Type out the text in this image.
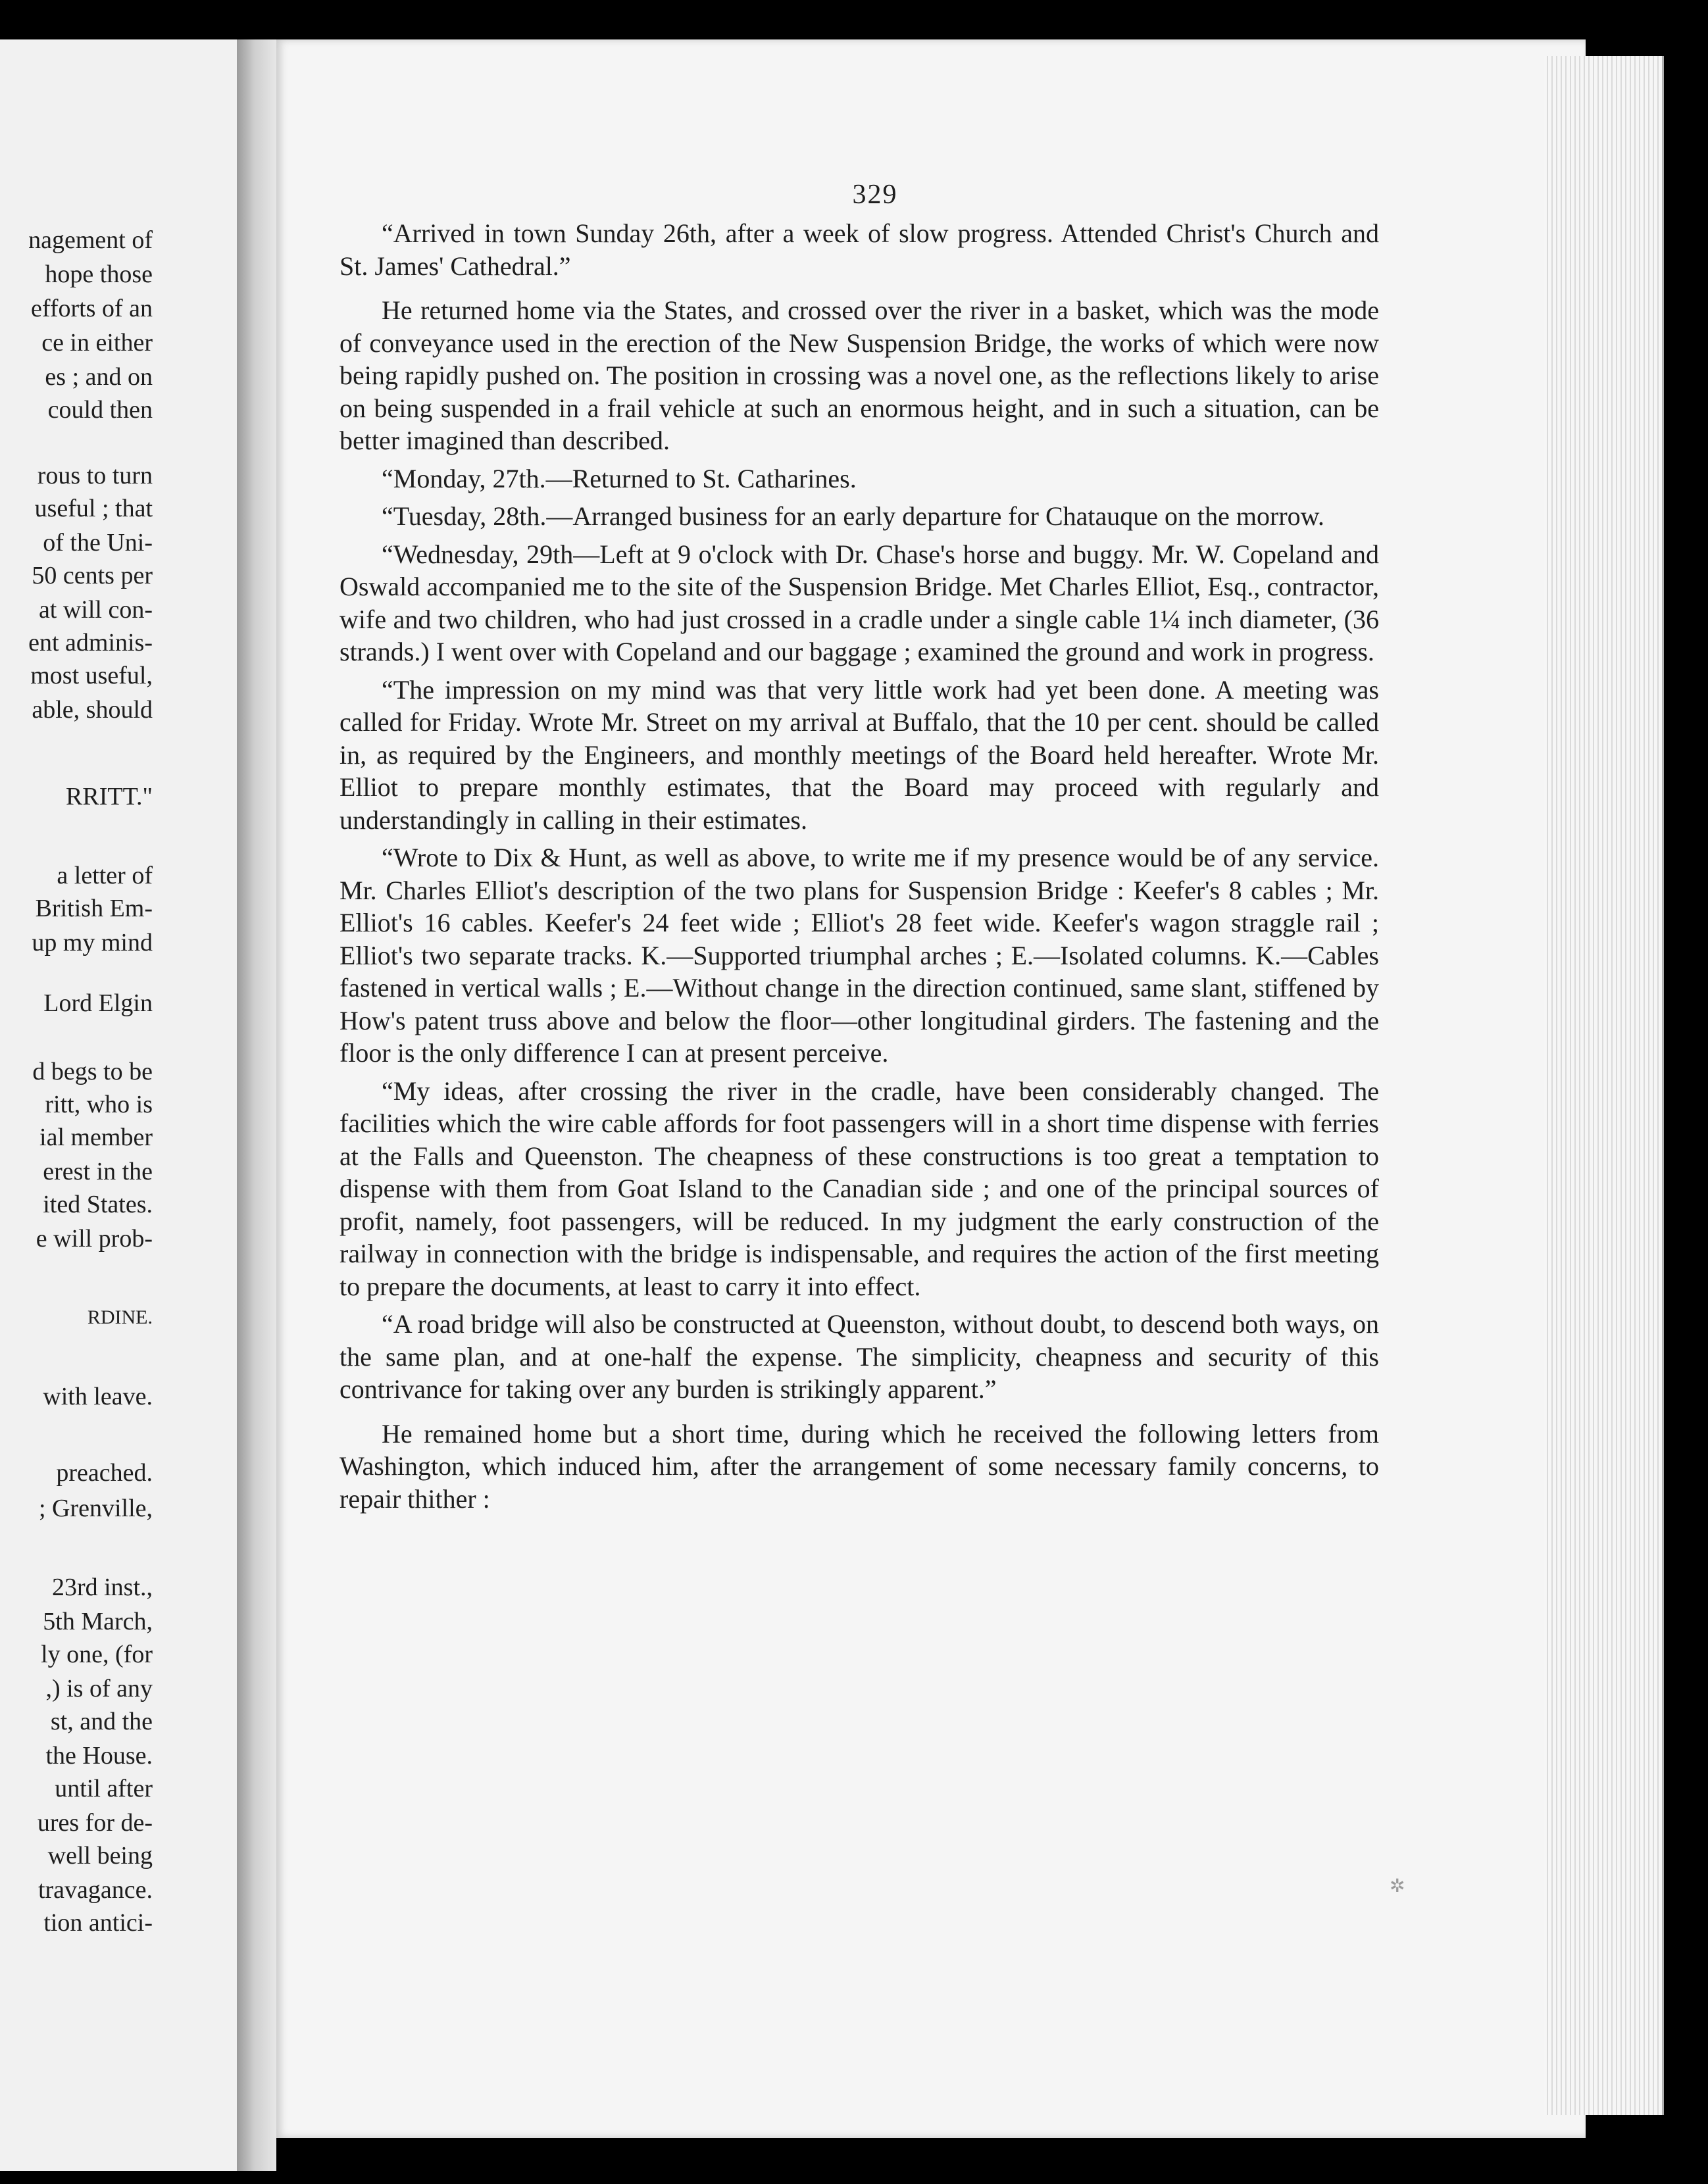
nagement of
hope those
efforts of an
ce in either
es ; and on
could then
rous to turn
useful ; that
of the Uni-
50 cents per
at will con-
ent adminis-
most useful,
able, should
RRITT."
a letter of
British Em-
up my mind
Lord Elgin
d begs to be
ritt, who is
ial member
erest in the
ited States.
e will prob-
RDINE.
with leave.
preached.
; Grenville,
23rd inst.,
5th March,
ly one, (for
,) is of any
st, and the
the House.
until after
ures for de-
well being
travagance.
tion antici-
329

“Arrived in town Sunday 26th, after a week of slow progress. Attended Christ's Church and St. James' Cathedral.”

He returned home via the States, and crossed over the river in a basket, which was the mode of conveyance used in the erection of the New Suspension Bridge, the works of which were now being rapidly pushed on. The position in crossing was a novel one, as the reflections likely to arise on being suspended in a frail vehicle at such an enormous height, and in such a situation, can be better imagined than described.

“Monday, 27th.—Returned to St. Catharines.

“Tuesday, 28th.—Arranged business for an early departure for Chatauque on the morrow.

“Wednesday, 29th—Left at 9 o'clock with Dr. Chase's horse and buggy. Mr. W. Copeland and Oswald accompanied me to the site of the Suspension Bridge. Met Charles Elliot, Esq., contractor, wife and two children, who had just crossed in a cradle under a single cable 1¼ inch diameter, (36 strands.) I went over with Copeland and our baggage ; examined the ground and work in progress.

“The impression on my mind was that very little work had yet been done. A meeting was called for Friday. Wrote Mr. Street on my arrival at Buffalo, that the 10 per cent. should be called in, as required by the Engineers, and monthly meetings of the Board held hereafter. Wrote Mr. Elliot to prepare monthly estimates, that the Board may proceed with regularly and understandingly in calling in their estimates.

“Wrote to Dix & Hunt, as well as above, to write me if my presence would be of any service. Mr. Charles Elliot's description of the two plans for Suspension Bridge : Keefer's 8 cables ; Mr. Elliot's 16 cables. Keefer's 24 feet wide ; Elliot's 28 feet wide. Keefer's wagon straggle rail ; Elliot's two separate tracks. K.—Supported triumphal arches ; E.—Isolated columns. K.—Cables fastened in vertical walls ; E.—Without change in the direction continued, same slant, stiffened by How's patent truss above and below the floor—other longitudinal girders. The fastening and the floor is the only difference I can at present perceive.

“My ideas, after crossing the river in the cradle, have been considerably changed. The facilities which the wire cable affords for foot passengers will in a short time dispense with ferries at the Falls and Queenston. The cheapness of these constructions is too great a temptation to dispense with them from Goat Island to the Canadian side ; and one of the principal sources of profit, namely, foot passengers, will be reduced. In my judgment the early construction of the railway in connection with the bridge is indispensable, and requires the action of the first meeting to prepare the documents, at least to carry it into effect.

“A road bridge will also be constructed at Queenston, without doubt, to descend both ways, on the same plan, and at one-half the expense. The simplicity, cheapness and security of this contrivance for taking over any burden is strikingly apparent.”

He remained home but a short time, during which he received the following letters from Washington, which induced him, after the arrangement of some necessary family concerns, to repair thither :

✲
